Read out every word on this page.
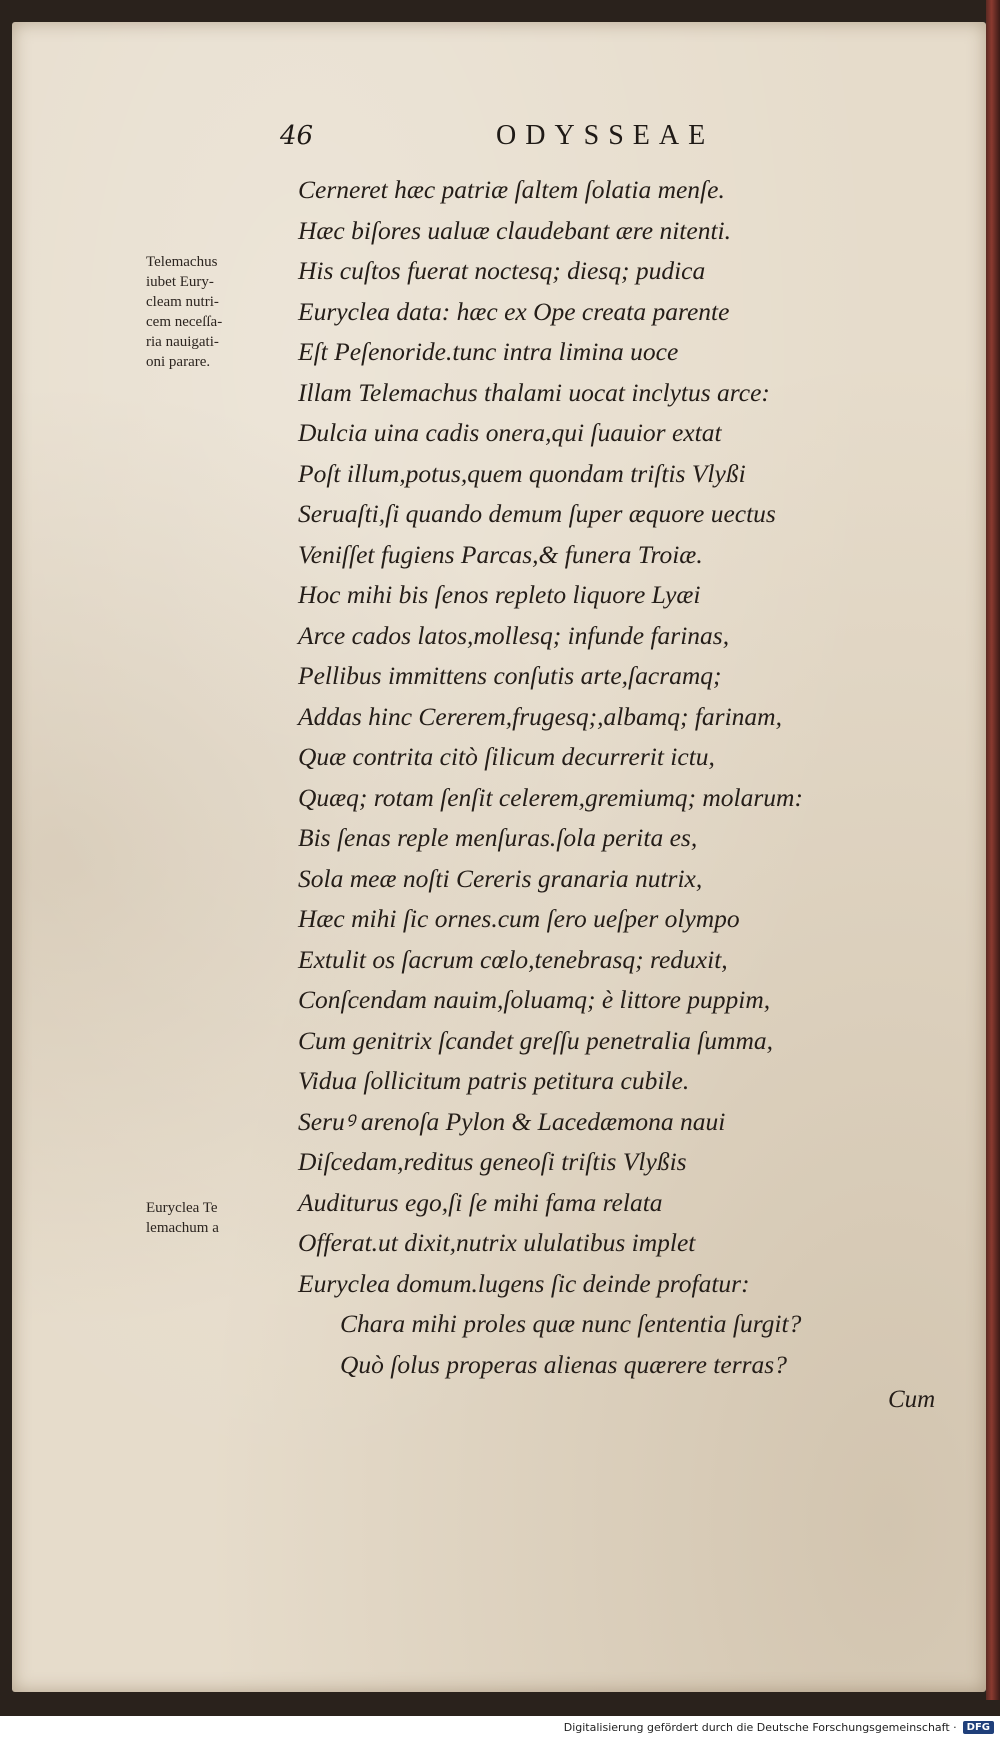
46	ODYSSEAE
Cerneret hæc patriæ ſaltem ſolatia menſe.
Hæc biſores ualuæ claudebant ære nitenti.
His cuſtos fuerat noctesq; diesq; pudica
Euryclea data: hæc ex Ope creata parente
Eſt Peſenoride.tunc intra limina uoce
Illam Telemachus thalami uocat inclytus arce:
Dulcia uina cadis onera,qui ſuauior extat
Poſt illum,potus,quem quondam triſtis Vlyßi
Seruaſti,ſi quando demum ſuper æquore uectus
Veniſſet fugiens Parcas,& funera Troiæ.
Hoc mihi bis ſenos repleto liquore Lyæi
Arce cados latos,mollesq; infunde farinas,
Pellibus immittens conſutis arte,ſacramq;
Addas hinc Cererem,frugesq;,albamq; farinam,
Quæ contrita citò ſilicum decurrerit ictu,
Quæq; rotam ſenſit celerem,gremiumq; molarum:
Bis ſenas reple menſuras.ſola perita es,
Sola meæ noſti Cereris granaria nutrix,
Hæc mihi ſic ornes.cum ſero ueſper olympo
Extulit os ſacrum cœlo,tenebrasq; reduxit,
Conſcendam nauim,ſoluamq; è littore puppim,
Cum genitrix ſcandet greſſu penetralia ſumma,
Vidua ſollicitum patris petitura cubile.
Seruꝰ arenoſa Pylon & Lacedæmona naui
Diſcedam,reditus geneoſi triſtis Vlyßis
Auditurus ego,ſi ſe mihi fama relata
Offerat.ut dixit,nutrix ululatibus implet
Euryclea domum.lugens ſic deinde profatur:
Chara mihi proles quæ nunc ſententia ſurgit?
Quò ſolus properas alienas quærere terras?
Telemachus
iubet Eury-
cleam nutri-
cem neceſſa-
ria nauigati-
oni parare.
Euryclea Te
lemachum a
Cum
Digitalisierung gefördert durch die Deutsche Forschungsgemeinschaft ·	DFG
